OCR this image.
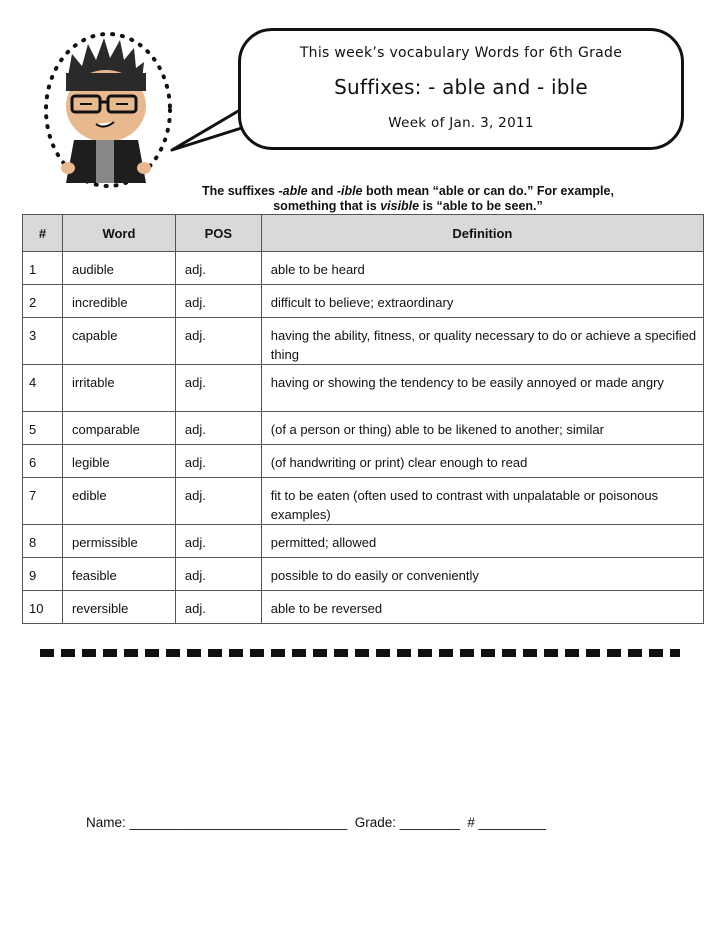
This week’s vocabulary Words for 6th Grade
Suffixes: - able and - ible
Week of Jan. 3, 2011
The suffixes -able and -ible both mean “able or can do.” For example,
something that is visible is “able to be seen.”
#	Word	POS	Definition
1	audible	adj.	able to be heard
2	incredible	adj.	difficult to believe; extraordinary
3	capable	adj.	having the ability, fitness, or quality necessary to do or achieve a specified thing
4	irritable	adj.	having or showing the tendency to be easily annoyed or made angry
5	comparable	adj.	(of a person or thing) able to be likened to another; similar
6	legible	adj.	(of handwriting or print) clear enough to read
7	edible	adj.	fit to be eaten (often used to contrast with unpalatable or poisonous examples)
8	permissible	adj.	permitted; allowed
9	feasible	adj.	possible to do easily or conveniently
10	reversible	adj.	able to be reversed
Name: _____________________________  Grade: ________  # _________
